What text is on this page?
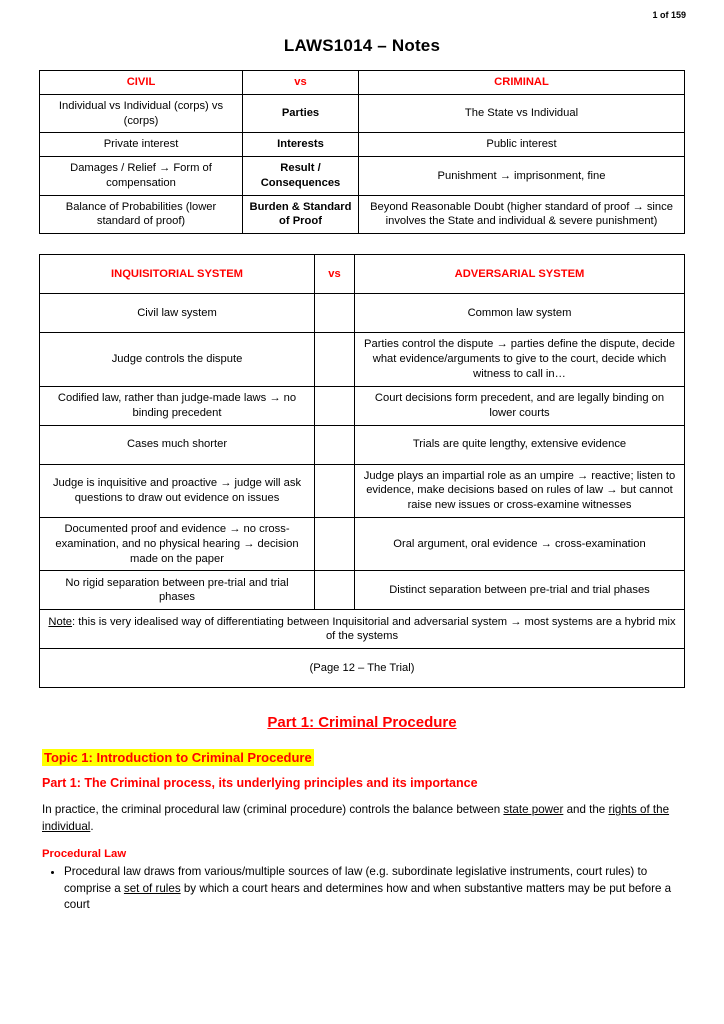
1 of 159
LAWS1014 – Notes
CIVIL	vs	CRIMINAL
Individual vs Individual (corps) vs (corps)	Parties	The State vs Individual
Private interest	Interests	Public interest
Damages / Relief → Form of compensation	Result / Consequences	Punishment → imprisonment, fine
Balance of Probabilities (lower standard of proof)	Burden & Standard of Proof	Beyond Reasonable Doubt (higher standard of proof → since involves the State and individual & severe punishment)
INQUISITORIAL SYSTEM	vs	ADVERSARIAL SYSTEM
Civil law system		Common law system
Judge controls the dispute		Parties control the dispute → parties define the dispute, decide what evidence/arguments to give to the court, decide which witness to call in…
Codified law, rather than judge-made laws → no binding precedent		Court decisions form precedent, and are legally binding on lower courts
Cases much shorter		Trials are quite lengthy, extensive evidence
Judge is inquisitive and proactive → judge will ask questions to draw out evidence on issues		Judge plays an impartial role as an umpire → reactive; listen to evidence, make decisions based on rules of law → but cannot raise new issues or cross-examine witnesses
Documented proof and evidence → no cross-examination, and no physical hearing → decision made on the paper		Oral argument, oral evidence → cross-examination
No rigid separation between pre-trial and trial phases		Distinct separation between pre-trial and trial phases
Note: this is very idealised way of differentiating between Inquisitorial and adversarial system → most systems are a hybrid mix of the systems		
(Page 12 – The Trial)		
Part 1: Criminal Procedure
Topic 1: Introduction to Criminal Procedure
Part 1: The Criminal process, its underlying principles and its importance

In practice, the criminal procedural law (criminal procedure) controls the balance between state power and the rights of the individual.

Procedural Law
• Procedural law draws from various/multiple sources of law (e.g. subordinate legislative instruments, court rules) to comprise a set of rules by which a court hears and determines how and when substantive matters may be put before a court
